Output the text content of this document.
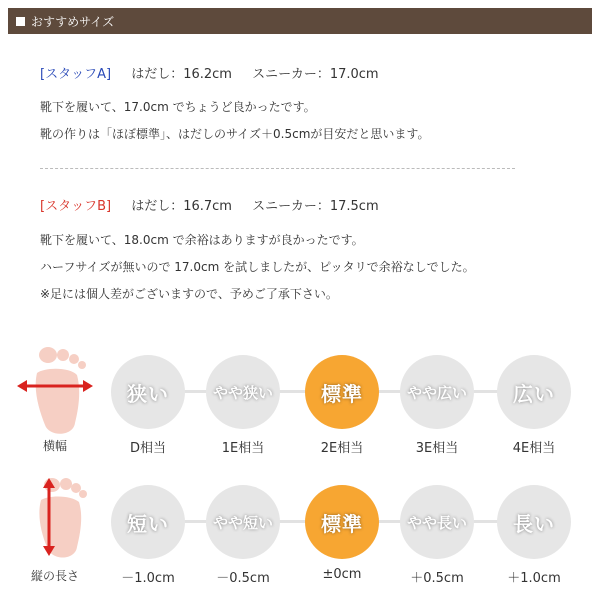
おすすめサイズ
[スタッフA] はだし：16.2cm スニーカー：17.0cm
靴下を履いて、17.0cm でちょうど良かったです。
靴の作りは「ほぼ標準」、はだしのサイズ＋0.5cmが目安だと思います。
[スタッフB] はだし：16.7cm スニーカー：17.5cm
靴下を履いて、18.0cm で余裕はありますが良かったです。
ハーフサイズが無いので 17.0cm を試しましたが、ピッタリで余裕なしでした。
※足には個人差がございますので、予めご了承下さい。
横幅
狭い	やや狭い	標準	やや広い	広い
D相当	1E相当	2E相当	3E相当	4E相当
縦の長さ
短い	やや短い	標準	やや長い	長い
－1.0cm	－0.5cm	±0cm	＋0.5cm	＋1.0cm
